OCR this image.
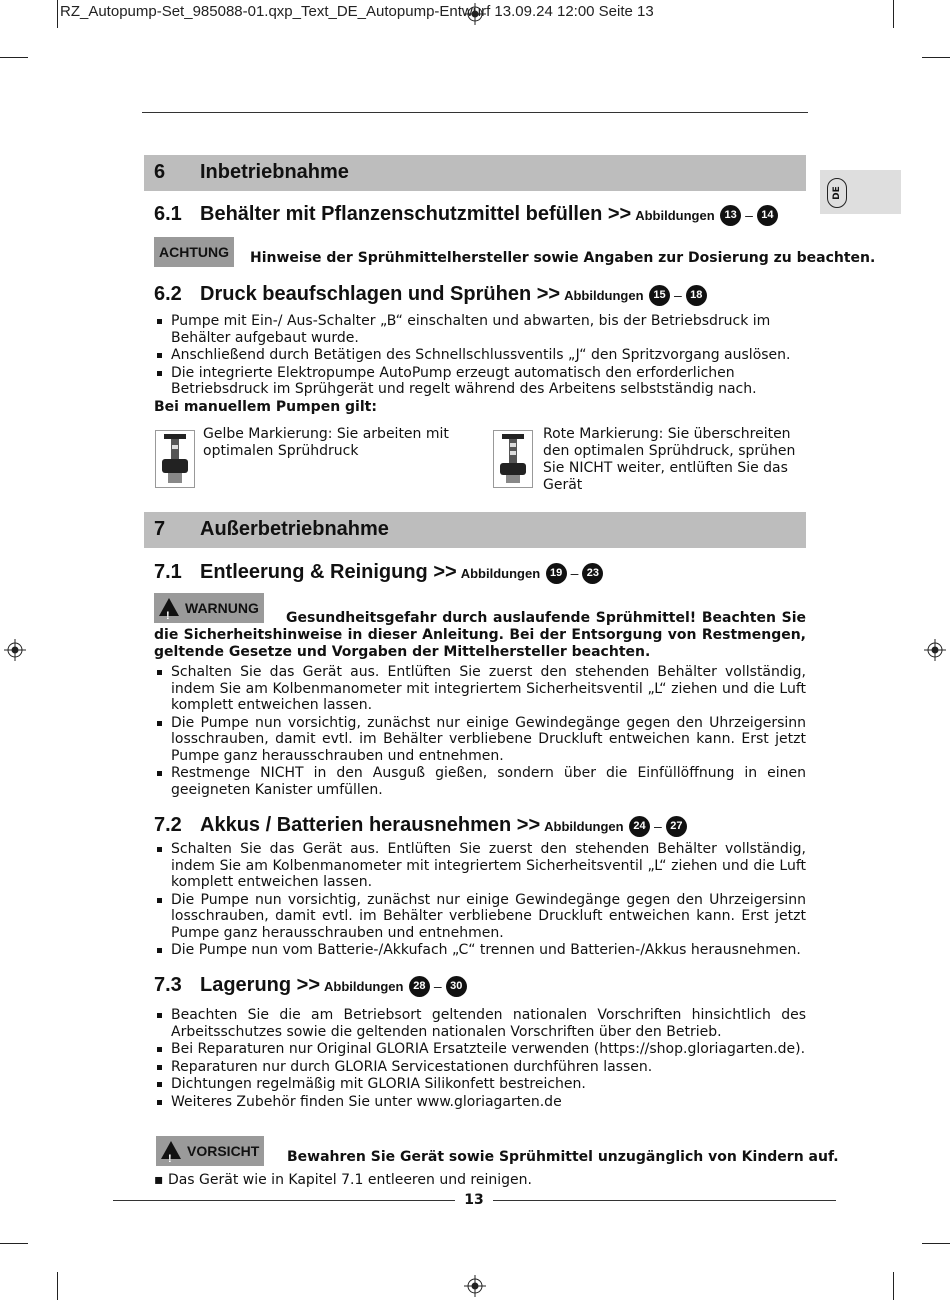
RZ_Autopump-Set_985088-01.qxp_Text_DE_Autopump-Entwurf 13.09.24 12:00 Seite 13
DE
6 Inbetriebnahme
6.1 Behälter mit Pflanzenschutzmittel befüllen >> Abbildungen 13 – 14
ACHTUNG	Hinweise der Sprühmittelhersteller sowie Angaben zur Dosierung zu beachten.
6.2 Druck beaufschlagen und Sprühen >> Abbildungen 15 – 18
Pumpe mit Ein-/ Aus-Schalter „B“ einschalten und abwarten, bis der Betriebsdruck im Behälter aufgebaut wurde.
Anschließend durch Betätigen des Schnellschlussventils „J“ den Spritzvorgang auslösen.
Die integrierte Elektropumpe AutoPump erzeugt automatisch den erforderlichen Betriebsdruck im Sprühgerät und regelt während des Arbeitens selbstständig nach.
Bei manuellem Pumpen gilt:
Gelbe Markierung: Sie arbeiten mit optimalen Sprühdruck
Rote Markierung: Sie überschreiten den optimalen Sprühdruck, sprühen Sie NICHT weiter, entlüften Sie das Gerät
7 Außerbetriebnahme
7.1 Entleerung & Reinigung >> Abbildungen 19 – 23
!
WARNUNG
Gesundheitsgefahr durch auslaufende Sprühmittel! Beachten Sie die Sicherheitshinweise in dieser Anleitung. Bei der Entsorgung von Restmengen, geltende Gesetze und Vorgaben der Mittelhersteller beachten.
Schalten Sie das Gerät aus. Entlüften Sie zuerst den stehenden Behälter vollständig, indem Sie am Kolbenmanometer mit integriertem Sicherheitsventil „L“ ziehen und die Luft komplett entweichen lassen.
Die Pumpe nun vorsichtig, zunächst nur einige Gewindegänge gegen den Uhrzeigersinn losschrauben, damit evtl. im Behälter verbliebene Druckluft entweichen kann. Erst jetzt Pumpe ganz herausschrauben und entnehmen.
Restmenge NICHT in den Ausguß gießen, sondern über die Einfüllöffnung in einen geeigneten Kanister umfüllen.
7.2 Akkus / Batterien herausnehmen >> Abbildungen 24 – 27
Schalten Sie das Gerät aus. Entlüften Sie zuerst den stehenden Behälter vollständig, indem Sie am Kolbenmanometer mit integriertem Sicherheitsventil „L“ ziehen und die Luft komplett entweichen lassen.
Die Pumpe nun vorsichtig, zunächst nur einige Gewindegänge gegen den Uhrzeigersinn losschrauben, damit evtl. im Behälter verbliebene Druckluft entweichen kann. Erst jetzt Pumpe ganz herausschrauben und entnehmen.
Die Pumpe nun vom Batterie-/Akkufach „C“ trennen und Batterien-/Akkus herausnehmen.
7.3 Lagerung >> Abbildungen 28 – 30
Beachten Sie die am Betriebsort geltenden nationalen Vorschriften hinsichtlich des Arbeitsschutzes sowie die geltenden nationalen Vorschriften über den Betrieb.
Bei Reparaturen nur Original GLORIA Ersatzteile verwenden (https://shop.gloriagarten.de).
Reparaturen nur durch GLORIA Servicestationen durchführen lassen.
Dichtungen regelmäßig mit GLORIA Silikonfett bestreichen.
Weiteres Zubehör finden Sie unter www.gloriagarten.de
!
VORSICHT	Bewahren Sie Gerät sowie Sprühmittel unzugänglich von Kindern auf.
▪ Das Gerät wie in Kapitel 7.1 entleeren und reinigen.
13
